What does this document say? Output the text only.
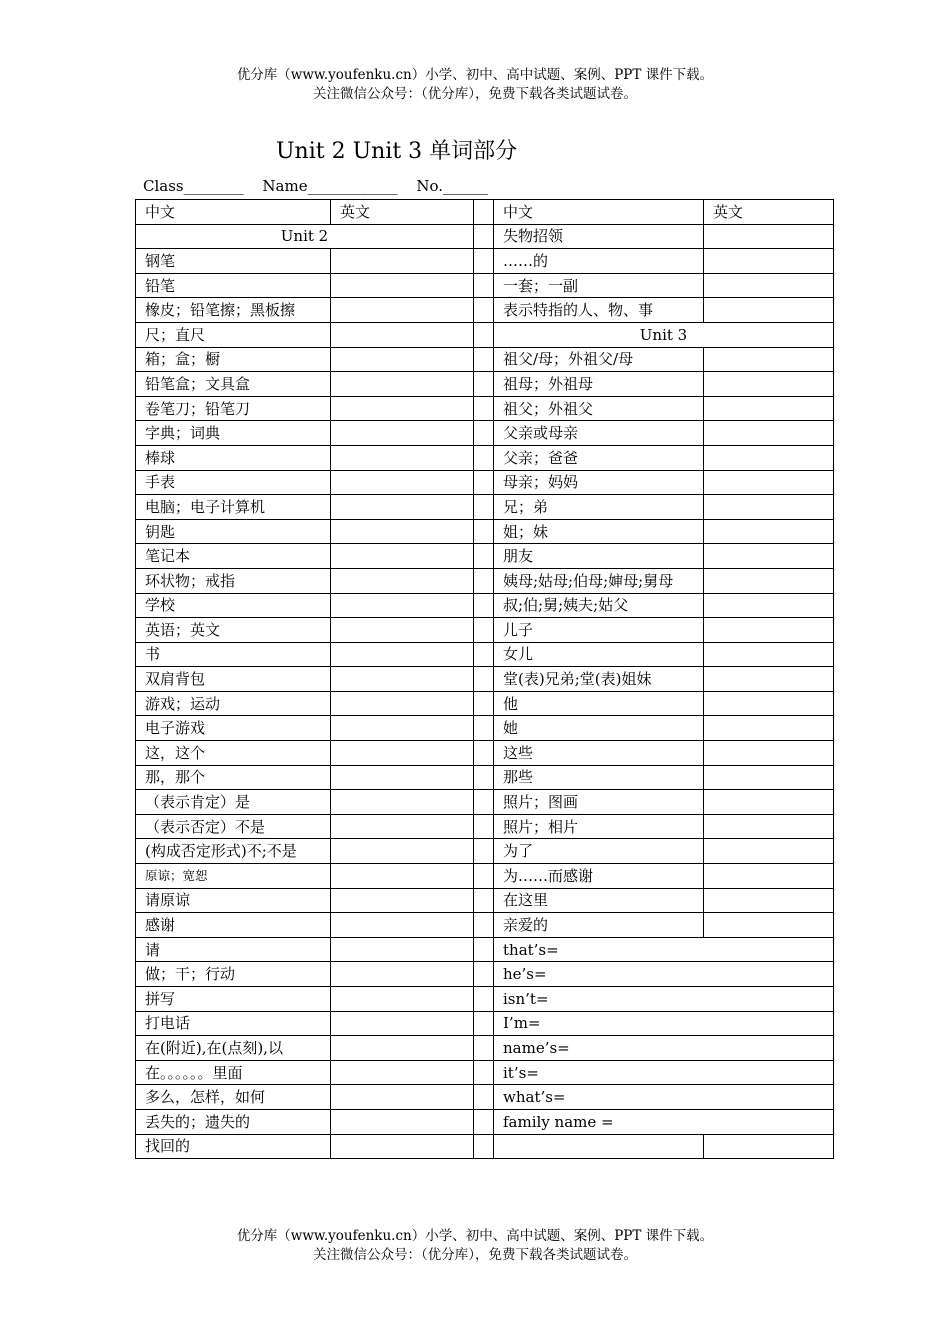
优分库（www.youfenku.cn）小学、初中、高中试题、案例、PPT 课件下载。
关注微信公众号：（优分库），免费下载各类试题试卷。
Unit 2 Unit 3 单词部分
Class________ Name____________ No.______
中文	英文		中文	英文
Unit 2			失物招领	
钢笔			……的	
铅笔			一套；一副	
橡皮；铅笔擦；黑板擦			表示特指的人、物、事	
尺；直尺			Unit 3	
箱；盒；橱			祖父/母；外祖父/母	
铅笔盒；文具盒			祖母；外祖母	
卷笔刀；铅笔刀			祖父；外祖父	
字典；词典			父亲或母亲	
棒球			父亲；爸爸	
手表			母亲；妈妈	
电脑；电子计算机			兄；弟	
钥匙			姐；妹	
笔记本			朋友	
环状物；戒指			姨母;姑母;伯母;婶母;舅母	
学校			叔;伯;舅;姨夫;姑父	
英语；英文			儿子	
书			女儿	
双肩背包			堂(表)兄弟;堂(表)姐妹	
游戏；运动			他	
电子游戏			她	
这，这个			这些	
那，那个			那些	
（表示肯定）是			照片；图画	
（表示否定）不是			照片；相片	
(构成否定形式)不;不是			为了	
原谅；宽恕			为……而感谢	
请原谅			在这里	
感谢			亲爱的	
请			that’s=	
做；干；行动			he’s=	
拼写			isn’t=	
打电话			I’m=	
在(附近),在(点刻),以			name’s=	
在。。。。。。里面			it’s=	
多么，怎样，如何			what’s=	
丢失的；遗失的			family name =	
找回的				
优分库（www.youfenku.cn）小学、初中、高中试题、案例、PPT 课件下载。
关注微信公众号：（优分库），免费下载各类试题试卷。
